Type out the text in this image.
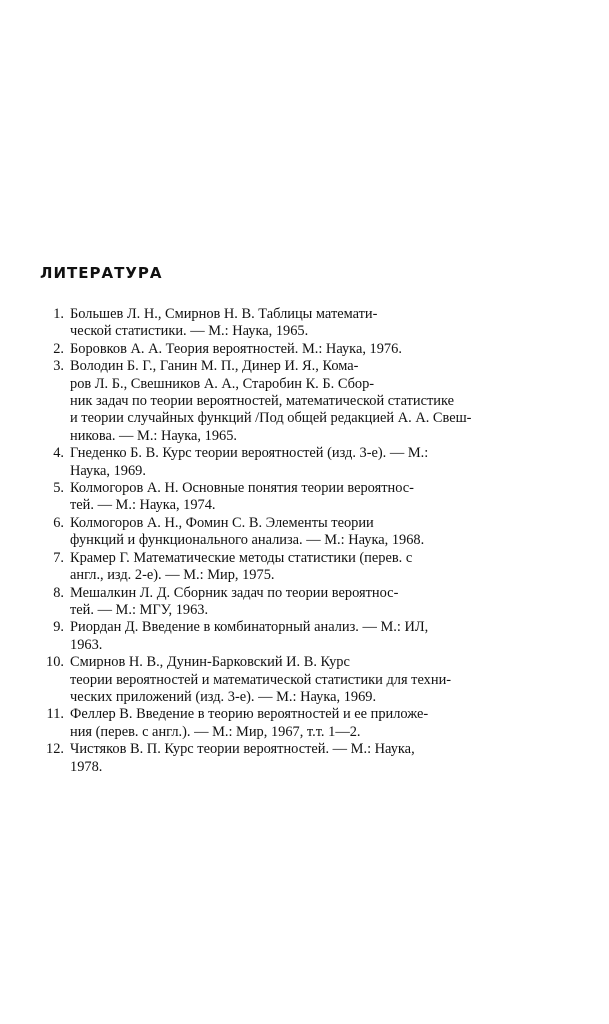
ЛИТЕРАТУРА
1. Большев Л. Н., Смирнов Н. В. Таблицы математи-
ческой статистики. — М.: Наука, 1965.
2. Боровков А. А. Теория вероятностей. М.: Наука, 1976.
3. Володин Б. Г., Ганин М. П., Динер И. Я., Кома-
ров Л. Б., Свешников А. А., Старобин К. Б. Сбор-
ник задач по теории вероятностей, математической статистике
и теории случайных функций /Под общей редакцией А. А. Свеш-
никова. — М.: Наука, 1965.
4. Гнеденко Б. В. Курс теории вероятностей (изд. 3-е). — М.:
Наука, 1969.
5. Колмогоров А. Н. Основные понятия теории вероятнос-
тей. — М.: Наука, 1974.
6. Колмогоров А. Н., Фомин С. В. Элементы теории
функций и функционального анализа. — М.: Наука, 1968.
7. Крамер Г. Математические методы статистики (перев. с
англ., изд. 2-е). — М.: Мир, 1975.
8. Мешалкин Л. Д. Сборник задач по теории вероятнос-
тей. — М.: МГУ, 1963.
9. Риордан Д. Введение в комбинаторный анализ. — М.: ИЛ,
1963.
10. Смирнов Н. В., Дунин-Барковский И. В. Курс
теории вероятностей и математической статистики для техни-
ческих приложений (изд. 3-е). — М.: Наука, 1969.
11. Феллер В. Введение в теорию вероятностей и ее приложе-
ния (перев. с англ.). — М.: Мир, 1967, т.т. 1—2.
12. Чистяков В. П. Курс теории вероятностей. — М.: Наука,
1978.
